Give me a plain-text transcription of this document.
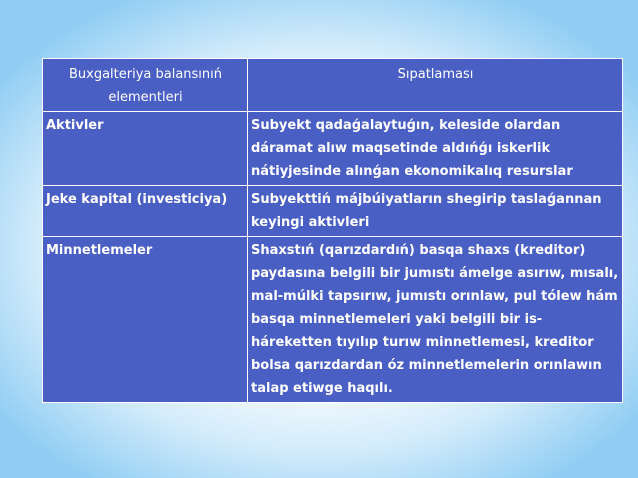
Buxgalteriya balansınıń elementleri	Sıpatlaması
Aktivler	Subyekt qadaǵalaytuǵın, keleside olardan dáramat alıw maqsetinde aldıńǵı iskerlik nátiyjesinde alınǵan ekonomikalıq resurslar
Jeke kapital (investiciya)	Subyekttiń májbúiyatların shegirip taslaǵannan keyingi aktivleri
Minnetlemeler	Shaxstıń (qarızdardıń) basqa shaxs (kreditor) paydasına belgili bir jumıstı ámelge asırıw, mısalı, mal-múlki tapsırıw, jumıstı orınlaw, pul tólew hám basqa minnetlemeleri yaki belgili bir is-háreketten tıyılıp turıw minnetlemesi, kreditor bolsa qarızdardan óz minnetlemelerin orınlawın talap etiwge haqılı.
